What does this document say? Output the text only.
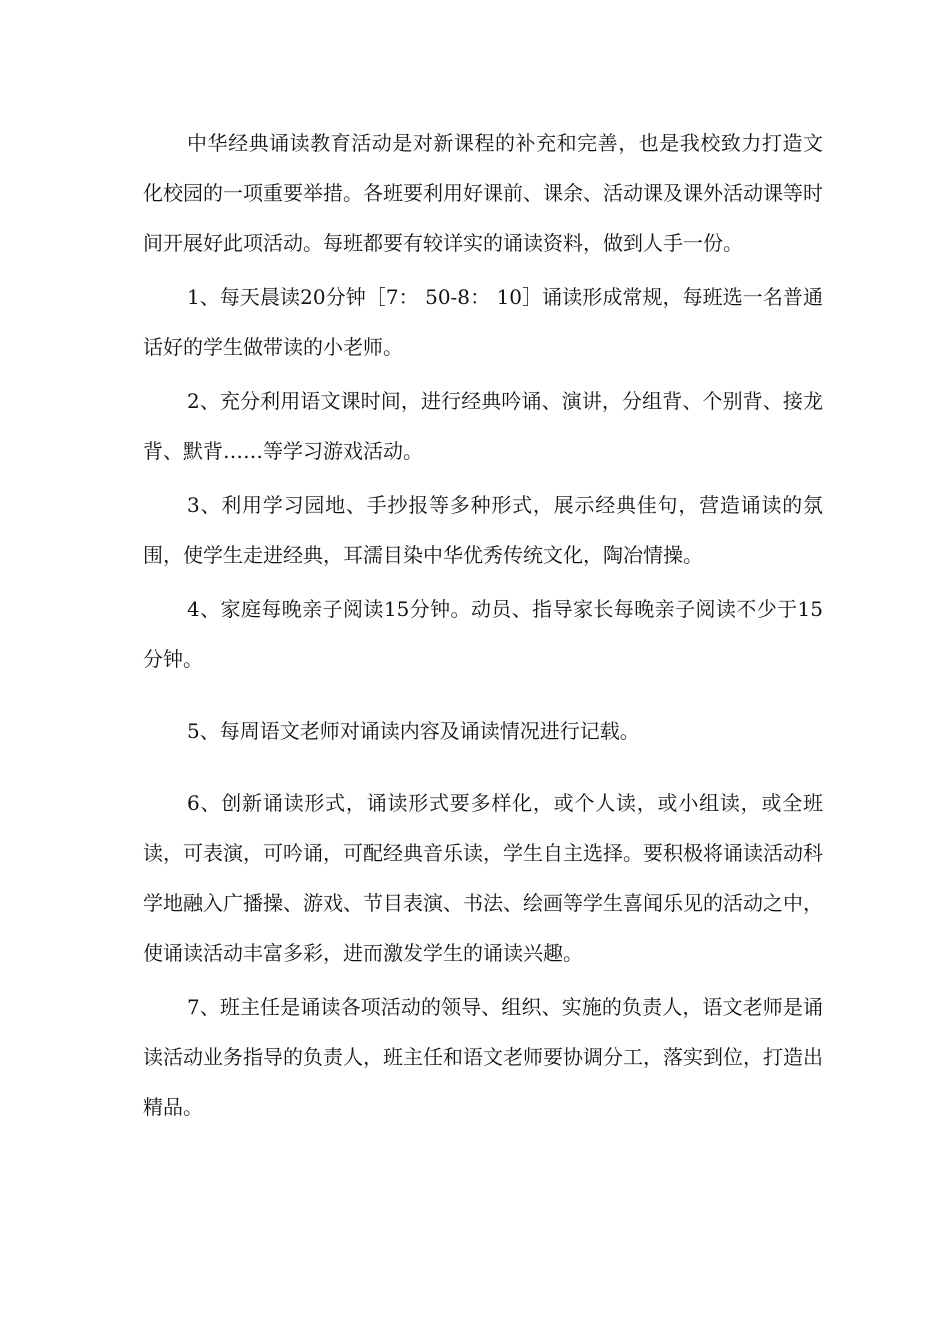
中华经典诵读教育活动是对新课程的补充和完善，也是我校致力打造文化校园的一项重要举措。各班要利用好课前、课余、活动课及课外活动课等时间开展好此项活动。每班都要有较详实的诵读资料，做到人手一份。

1、每天晨读20分钟［7： 50-8： 10］诵读形成常规，每班选一名普通话好的学生做带读的小老师。

2、充分利用语文课时间，进行经典吟诵、演讲，分组背、个别背、接龙背、默背……等学习游戏活动。

3、利用学习园地、手抄报等多种形式，展示经典佳句，营造诵读的氛围，使学生走进经典，耳濡目染中华优秀传统文化，陶冶情操。

4、家庭每晚亲子阅读15分钟。动员、指导家长每晚亲子阅读不少于15分钟。

5、每周语文老师对诵读内容及诵读情况进行记载。

6、创新诵读形式，诵读形式要多样化，或个人读，或小组读，或全班读，可表演，可吟诵，可配经典音乐读，学生自主选择。要积极将诵读活动科学地融入广播操、游戏、节目表演、书法、绘画等学生喜闻乐见的活动之中，使诵读活动丰富多彩，进而激发学生的诵读兴趣。

7、班主任是诵读各项活动的领导、组织、实施的负责人，语文老师是诵读活动业务指导的负责人，班主任和语文老师要协调分工，落实到位，打造出精品。
